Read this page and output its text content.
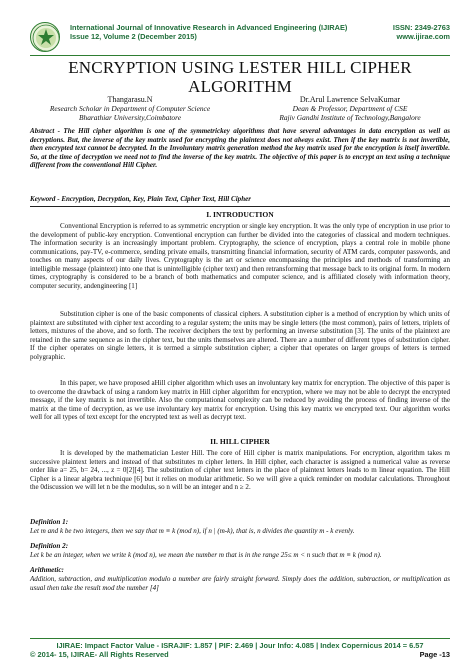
International Journal of Innovative Research in Advanced Engineering (IJIRAE)	ISSN: 2349-2763
Issue 12, Volume 2 (December 2015)	www.ijirae.com
ENCRYPTION USING LESTER HILL CIPHER ALGORITHM
Thangarasu.N
Research Scholar in Department of Computer Science
Bharathiar University,Coimbatore
Dr.Arul Lawrence SelvaKumar
Dean & Professor, Department of CSE
Rajiv Gandhi Institute of Technology,Bangalore
Abstract - The Hill cipher algorithm is one of the symmetrickey algorithms that have several advantages in data encryption as well as decryptions. But, the inverse of the key matrix used for encrypting the plaintext does not always exist. Then if the key matrix is not invertible, then encrypted text cannot be decrypted. In the Involuntary matrix generation method the key matrix used for the encryption is itself invertible. So, at the time of decryption we need not to find the inverse of the key matrix. The objective of this paper is to encrypt an text using a technique different from the conventional Hill Cipher.
Keyword - Encryption, Decryption, Key, Plain Text, Cipher Text, Hill Cipher
I. INTRODUCTION
Conventional Encryption is referred to as symmetric encryption or single key encryption. It was the only type of encryption in use prior to the development of public-key encryption. Conventional encryption can further be divided into the categories of classical and modern techniques. The information security is an increasingly important problem. Cryptography, the science of encryption, plays a central role in mobile phone communications, pay-TV, e-commerce, sending private emails, transmitting financial information, security of ATM cards, computer passwords, and touches on many aspects of our daily lives. Cryptography is the art or science encompassing the principles and methods of transforming an intelligible message (plaintext) into one that is unintelligible (cipher text) and then retransforming that message back to its original form. In modern times, cryptography is considered to be a branch of both mathematics and computer science, and is affiliated closely with information theory, computer security, andengineering [1]
Substitution cipher is one of the basic components of classical ciphers. A substitution cipher is a method of encryption by which units of plaintext are substituted with cipher text according to a regular system; the units may be single letters (the most common), pairs of letters, triplets of letters, mixtures of the above, and so forth. The receiver deciphers the text by performing an inverse substitution [3]. The units of the plaintext are retained in the same sequence as in the cipher text, but the units themselves are altered. There are a number of different types of substitution cipher. If the cipher operates on single letters, it is termed a simple substitution cipher; a cipher that operates on larger groups of letters is termed polygraphic.
In this paper, we have proposed aHill cipher algorithm which uses an involuntary key matrix for encryption. The objective of this paper is to overcome the drawback of using a random key matrix in Hill cipher algorithm for encryption, where we may not be able to decrypt the encrypted message, if the key matrix is not invertible. Also the computational complexity can be reduced by avoiding the process of finding inverse of the matrix at the time of decryption, as we use involuntary key matrix for encryption. Using this key matrix we encrypted text. Our algorithm works well for all types of text except for the encrypted text as well as decrypt text.
II. HILL CIPHER
It is developed by the mathematician Lester Hill. The core of Hill cipher is matrix manipulations. For encryption, algorithm takes m successive plaintext letters and instead of that substitutes m cipher letters. In Hill cipher, each character is assigned a numerical value as reverse order like a= 25, b= 24, ..., z = 0[2][4]. The substitution of cipher text letters in the place of plaintext letters leads to m linear equation. The Hill Cipher is a linear algebra technique [6] but it relies on modular arithmetic. So we will give a quick reminder on modular calculations. Throughout the 0discussion we will let n be the modulus, so n will be an integer and n ≥ 2.
Definition 1:
Let m and k be two integers, then we say that m ≡ k (mod n), if n | (m-k), that is, n divides the quantity m - k evenly.
Definition 2:
Let k be an integer, when we write k (mod n), we mean the number m that is in the range 25≤ m < n such that m ≡ k (mod n).
Arithmetic:
Addition, subtraction, and multiplication modulo a number are fairly straight forward. Simply does the addition, subtraction, or multiplication as usual then take the result mod the number [4]
IJIRAE: Impact Factor Value - ISRAJIF: 1.857 | PIF: 2.469 | Jour Info: 4.085 | Index Copernicus 2014 = 6.57
© 2014- 15, IJIRAE- All Rights Reserved	Page -13
